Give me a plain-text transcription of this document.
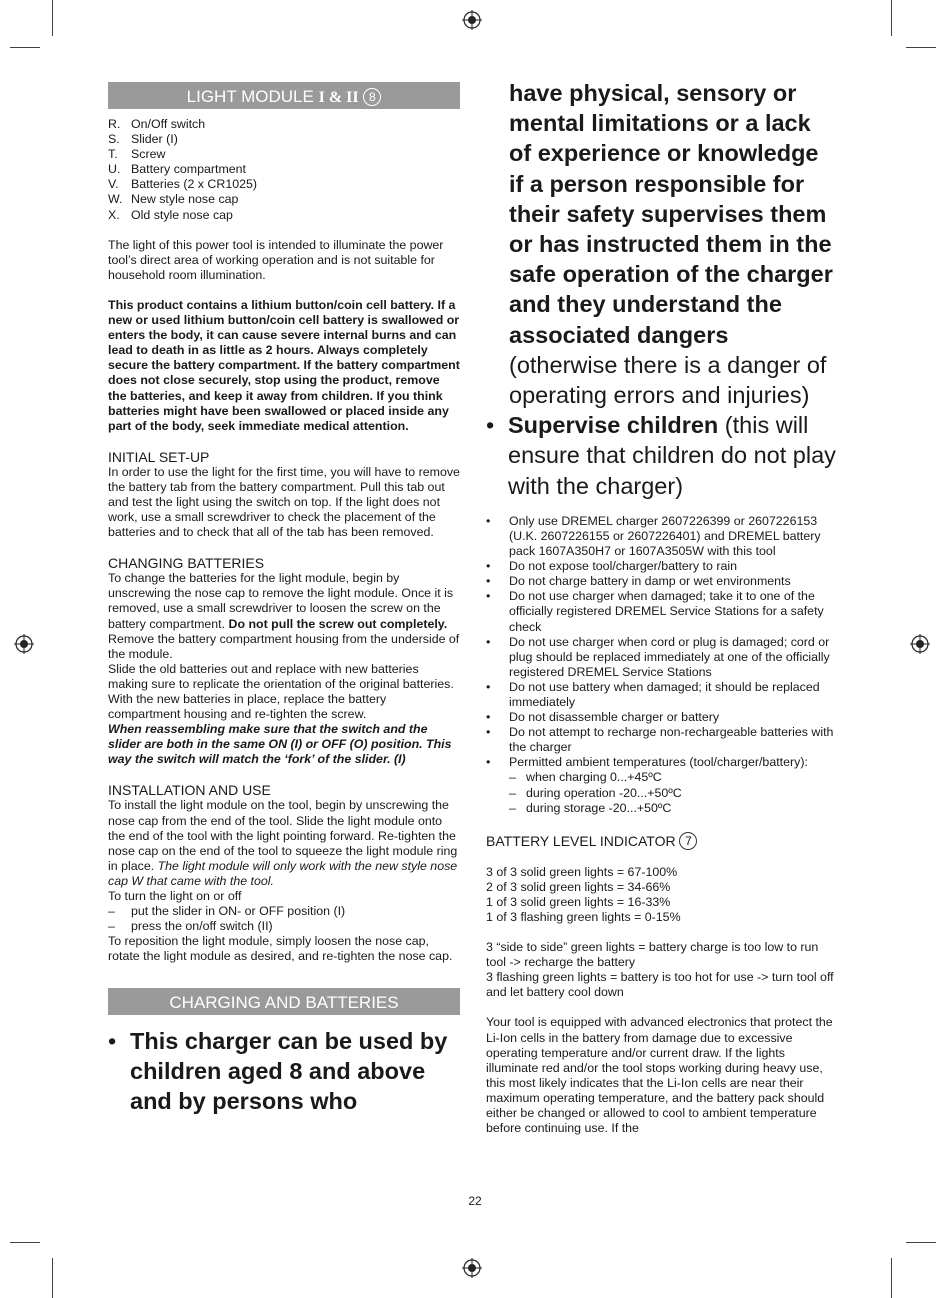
LIGHT MODULE I & II 8
R. On/Off switch
S. Slider (I)
T.	Screw
U. Battery compartment
V.	Batteries (2 x CR1025)
W. New style nose cap
X. Old style nose cap

The light of this power tool is intended to illuminate the power tool’s direct area of working operation and is not suitable for household room illumination.

This product contains a lithium button/coin cell battery. If a new or used lithium button/coin cell battery is swallowed or enters the body, it can cause severe internal burns and can lead to death in as little as 2 hours. Always completely secure the battery compartment. If the battery compartment does not close securely, stop using the product, remove the batteries, and keep it away from children. If you think batteries might have been swallowed or placed inside any part of the body, seek immediate medical attention.

INITIAL SET-UP

In order to use the light for the first time, you will have to remove the battery tab from the battery compartment. Pull this tab out and test the light using the switch on top. If the light does not work, use a small screwdriver to check the placement of the batteries and to check that all of the tab has been removed.

CHANGING BATTERIES

To change the batteries for the light module, begin by unscrewing the nose cap to remove the light module. Once it is removed, use a small screwdriver to loosen the screw on the battery compartment. Do not pull the screw out completely. Remove the battery compartment housing from the underside of the module.

Slide the old batteries out and replace with new batteries making sure to replicate the orientation of the original batteries. With the new batteries in place, replace the battery compartment housing and re-tighten the screw.

When reassembling make sure that the switch and the slider are both in the same ON (I) or OFF (O) position. This way the switch will match the ‘fork’ of the slider. (I)

INSTALLATION AND USE

To install the light module on the tool, begin by unscrewing the nose cap from the end of the tool. Slide the light module onto the end of the tool with the light pointing forward. Re-tighten the nose cap on the end of the tool to squeeze the light module ring in place. The light module will only work with the new style nose cap W that came with the tool.

To turn the light on or off

–	put the slider in ON- or OFF position (I)
–	press the on/off switch (II)

To reposition the light module, simply loosen the nose cap, rotate the light module as desired, and re-tighten the nose cap.

CHARGING AND BATTERIES
• This charger can be used by children aged 8 and above and by persons who

have physical, sensory or mental limitations or a lack of experience or knowledge if a person responsible for their safety supervises them or has instructed them in the safe operation of the charger and they understand the associated dangers (otherwise there is a danger of operating errors and injuries)

• Supervise children (this will ensure that children do not play with the charger)
•	Only use DREMEL charger 2607226399 or 2607226153 (U.K. 2607226155 or 2607226401) and DREMEL battery pack 1607A350H7 or 1607A3505W with this tool
•	Do not expose tool/charger/battery to rain
•	Do not charge battery in damp or wet environments
•	Do not use charger when damaged; take it to one of the officially registered DREMEL Service Stations for a safety check
•	Do not use charger when cord or plug is damaged; cord or plug should be replaced immediately at one of the officially registered DREMEL Service Stations
•	Do not use battery when damaged; it should be replaced immediately
•	Do not disassemble charger or battery
•	Do not attempt to recharge non-rechargeable batteries with the charger
•	Permitted ambient temperatures (tool/charger/battery):
– when charging 0...+45ºC
– during operation -20...+50ºC
– during storage -20...+50ºC
BATTERY LEVEL INDICATOR 7
3 of 3 solid green lights = 67-100%
2 of 3 solid green lights = 34-66%
1 of 3 solid green lights = 16-33%
1 of 3 flashing green lights = 0-15%

3 “side to side” green lights = battery charge is too low to run tool -> recharge the battery

3 flashing green lights = battery is too hot for use -> turn tool off and let battery cool down

Your tool is equipped with advanced electronics that protect the Li-Ion cells in the battery from damage due to excessive operating temperature and/or current draw. If the lights illuminate red and/or the tool stops working during heavy use, this most likely indicates that the Li-Ion cells are near their maximum operating temperature, and the battery pack should either be changed or allowed to cool to ambient temperature before continuing use. If the

22
